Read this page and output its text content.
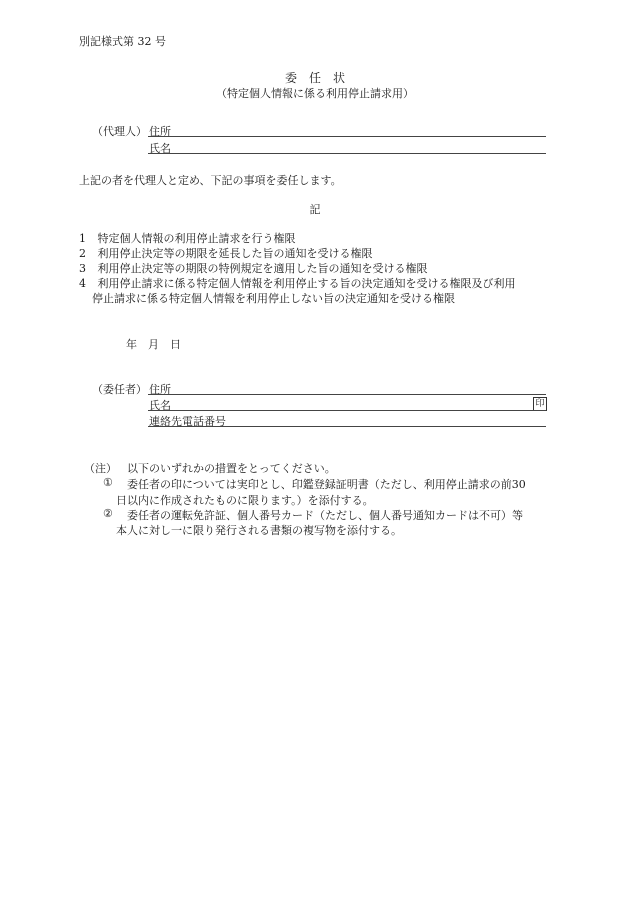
別記様式第 32 号
委　任　状
（特定個人情報に係る利用停止請求用）
（代理人） 住所
氏名
上記の者を代理人と定め、下記の事項を委任します。
記
1 特定個人情報の利用停止請求を行う権限
2 利用停止決定等の期限を延長した旨の通知を受ける権限
3 利用停止決定等の期限の特例規定を適用した旨の通知を受ける権限
4 利用停止請求に係る特定個人情報を利用停止する旨の決定通知を受ける権限及び利用
停止請求に係る特定個人情報を利用停止しない旨の決定通知を受ける権限
年　月　日
（委任者） 住所
氏名	印
連絡先電話番号
（注） 以下のいずれかの措置をとってください。
① 委任者の印については実印とし、印鑑登録証明書（ただし、利用停止請求の前30
日以内に作成されたものに限ります。）を添付する。
② 委任者の運転免許証、個人番号カード（ただし、個人番号通知カードは不可）等
本人に対し一に限り発行される書類の複写物を添付する。
